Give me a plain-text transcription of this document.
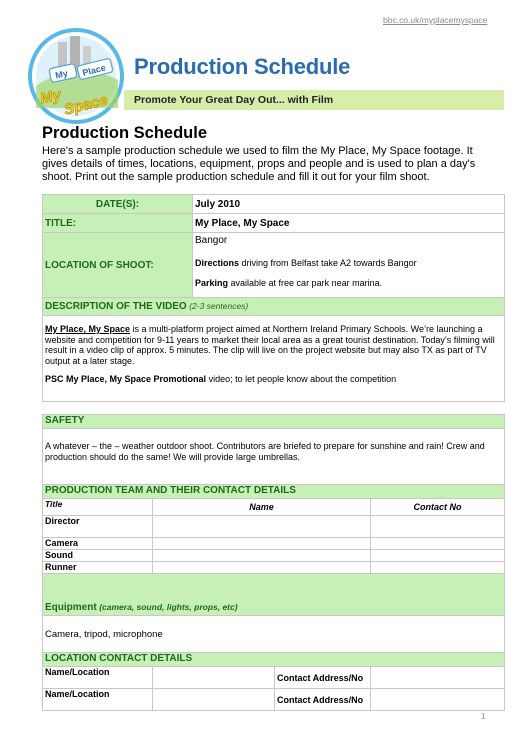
bbc.co.uk/myplacemyspace
My Place
My Space
Production Schedule
Promote Your Great Day Out... with Film
Production Schedule
Here's a sample production schedule we used to film the My Place, My Space footage. It gives details of times, locations, equipment, props and people and is used to plan a day's shoot. Print out the sample production schedule and fill it out for your film shoot.
DATE(S):	July 2010
TITLE:	My Place, My Space
LOCATION OF SHOOT:	Bangor
Directions driving from Belfast take A2 towards Bangor
Parking available at free car park near marina.

DESCRIPTION OF THE VIDEO (2-3 sentences)	

My Place, My Space is a multi-platform project aimed at Northern Ireland Primary Schools. We’re launching a website and competition for 9-11 years to market their local area as a great tourist destination. Today’s filming will result in a video clip of approx. 5 minutes. The clip will live on the project website but may also TX as part of TV output at a later stage.
PSC My Place, My Space Promotional video; to let people know about the competition	
SAFETY			
A whatever – the – weather outdoor shoot. Contributors are briefed to prepare for sunshine and rain! Crew and production should do the same! We will provide large umbrellas.			
PRODUCTION TEAM AND THEIR CONTACT DETAILS			
Title	Name		Contact No
Director			
Camera			
Sound			
Runner			
Equipment (camera, sound, lights, props, etc)			
Camera, tripod, microphone			
LOCATION CONTACT DETAILS			
Name/Location		Contact Address/No	
Name/Location		Contact Address/No	
1
